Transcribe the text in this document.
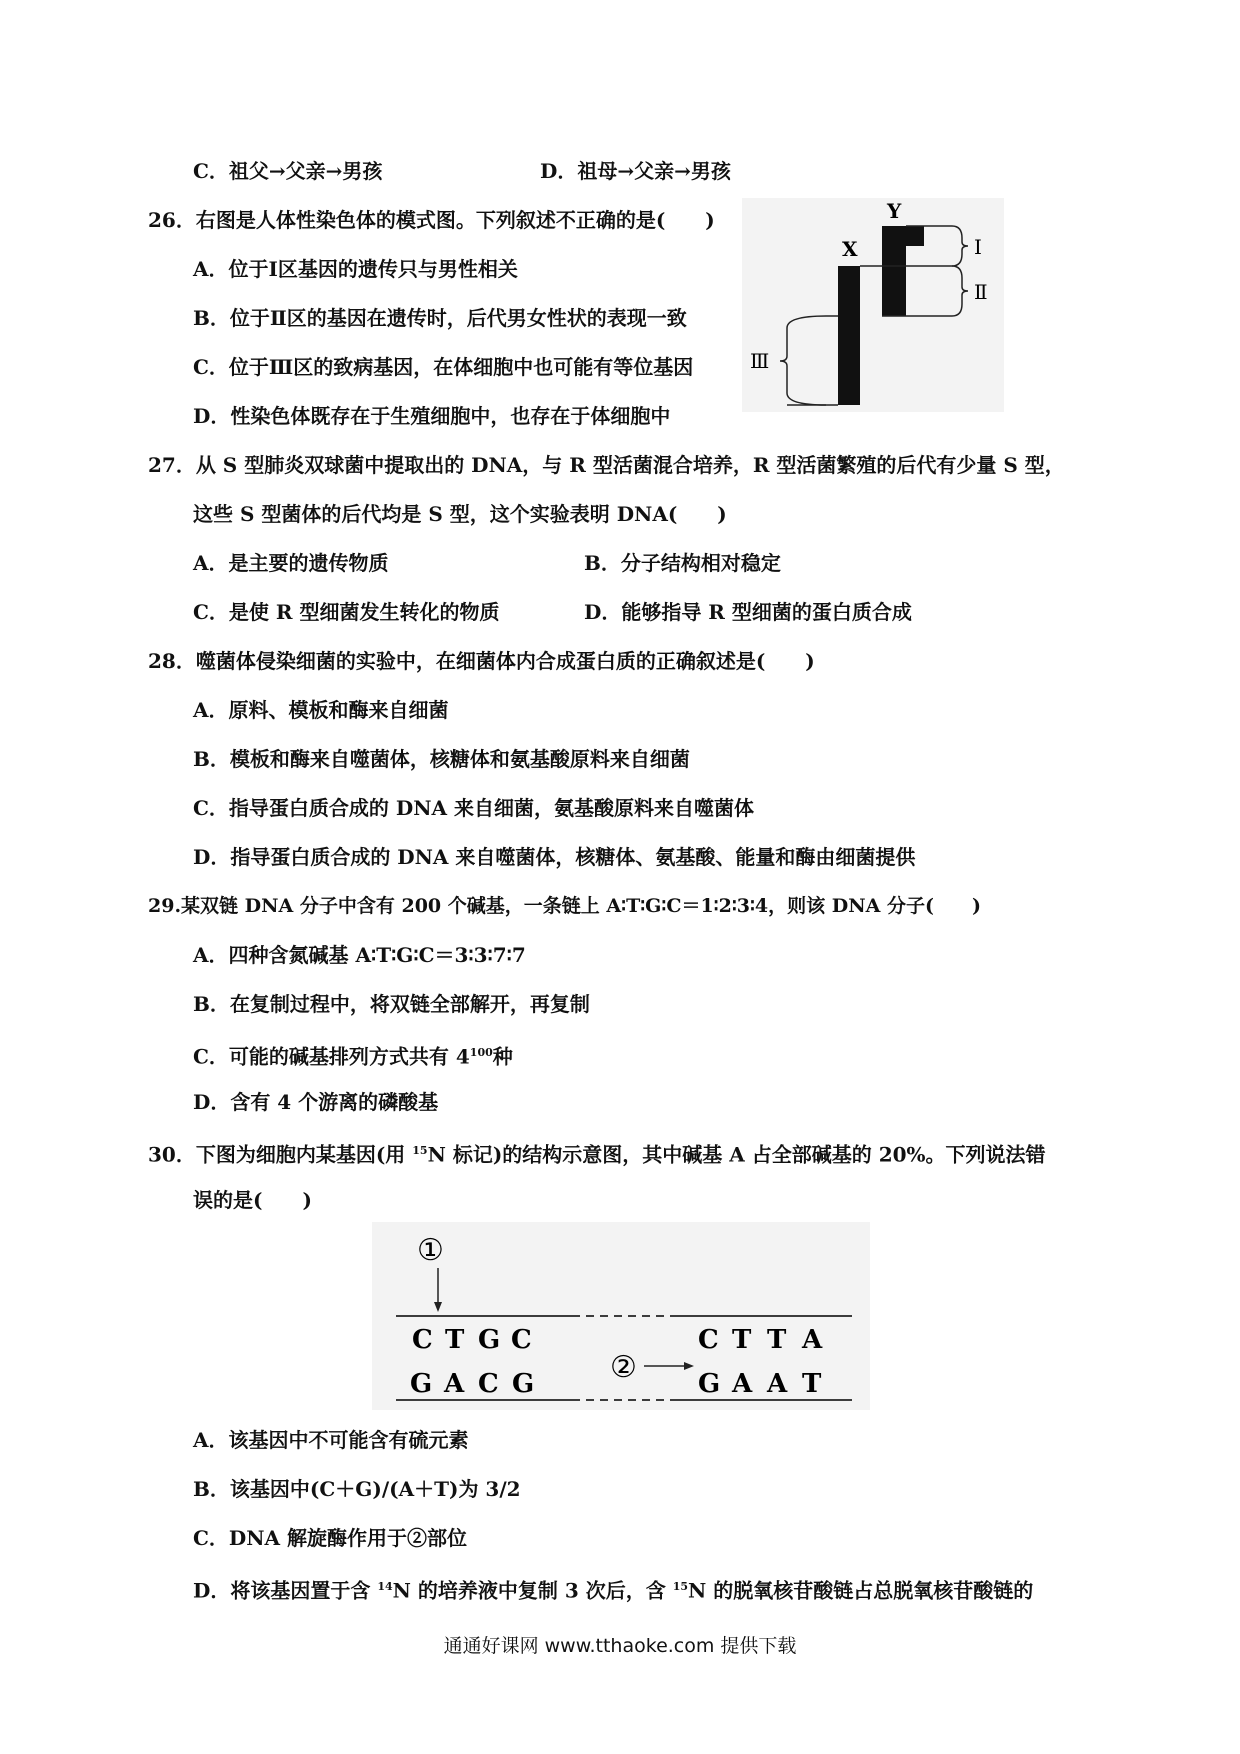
C．祖父→父亲→男孩	D．祖母→父亲→男孩
26．右图是人体性染色体的模式图。下列叙述不正确的是(　　)
A．位于Ⅰ区基因的遗传只与男性相关
B．位于Ⅱ区的基因在遗传时，后代男女性状的表现一致
C．位于Ⅲ区的致病基因，在体细胞中也可能有等位基因
D．性染色体既存在于生殖细胞中，也存在于体细胞中
X
Y
Ⅰ
Ⅱ
Ⅲ
27．从 S 型肺炎双球菌中提取出的 DNA，与 R 型活菌混合培养，R 型活菌繁殖的后代有少量 S 型，
这些 S 型菌体的后代均是 S 型，这个实验表明 DNA(　　)
A．是主要的遗传物质	B．分子结构相对稳定
C．是使 R 型细菌发生转化的物质	D．能够指导 R 型细菌的蛋白质合成
28．噬菌体侵染细菌的实验中，在细菌体内合成蛋白质的正确叙述是(　　)
A．原料、模板和酶来自细菌
B．模板和酶来自噬菌体，核糖体和氨基酸原料来自细菌
C．指导蛋白质合成的 DNA 来自细菌，氨基酸原料来自噬菌体
D．指导蛋白质合成的 DNA 来自噬菌体，核糖体、氨基酸、能量和酶由细菌提供
29.某双链 DNA 分子中含有 200 个碱基，一条链上 A∶T∶G∶C＝1∶2∶3∶4，则该 DNA 分子(　　)
A．四种含氮碱基 A∶T∶G∶C＝3∶3∶7∶7
B．在复制过程中，将双链全部解开，再复制
C．可能的碱基排列方式共有 $4^{100}$种
D．含有 4 个游离的磷酸基
30．下图为细胞内某基因(用 $^{15}$N 标记)的结构示意图，其中碱基 A 占全部碱基的 20%。下列说法错
误的是(　　)
①
C T G C
G A C G
C T T A
G A A T
②
A．该基因中不可能含有硫元素
B．该基因中(C＋G)/(A＋T)为 3/2
C．DNA 解旋酶作用于②部位
D．将该基因置于含 $^{14}$N 的培养液中复制 3 次后，含 $^{15}$N 的脱氧核苷酸链占总脱氧核苷酸链的
通通好课网 www.tthaoke.com 提供下载
